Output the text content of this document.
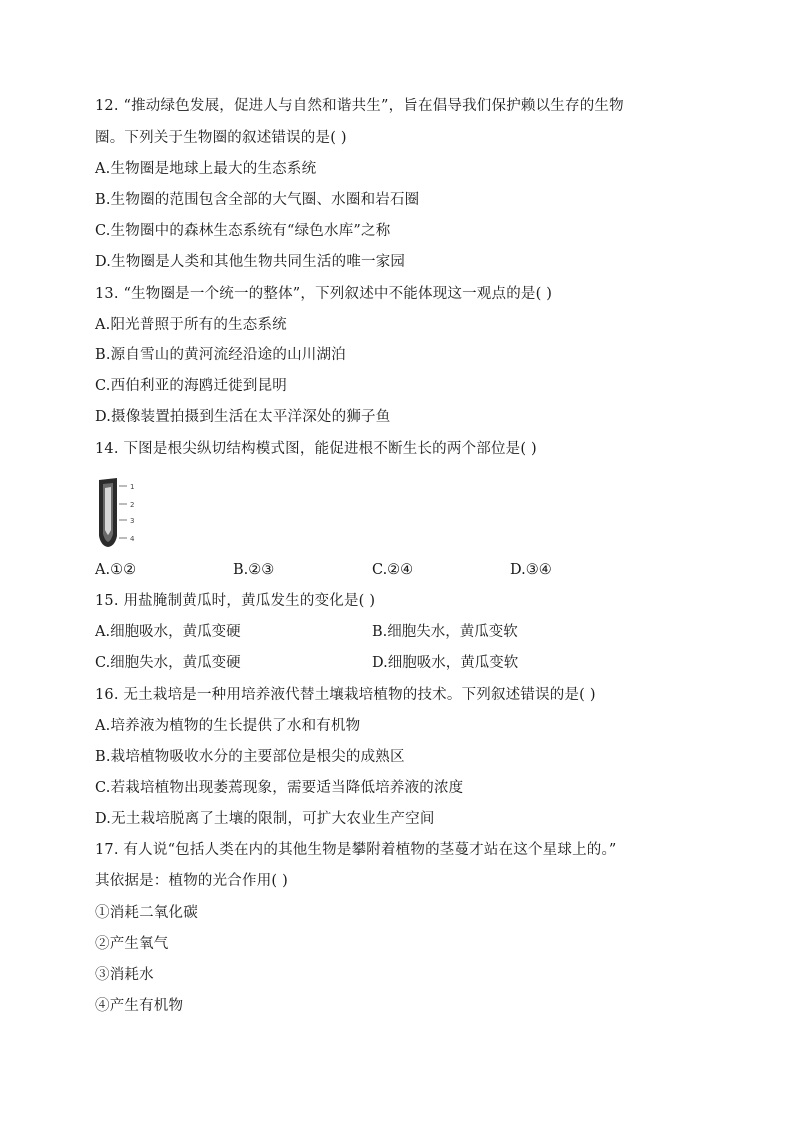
12. “推动绿色发展，促进人与自然和谐共生”，旨在倡导我们保护赖以生存的生物
圈。下列关于生物圈的叙述错误的是( )
A.生物圈是地球上最大的生态系统
B.生物圈的范围包含全部的大气圈、水圈和岩石圈
C.生物圈中的森林生态系统有“绿色水库”之称
D.生物圈是人类和其他生物共同生活的唯一家园
13. “生物圈是一个统一的整体”，下列叙述中不能体现这一观点的是( )
A.阳光普照于所有的生态系统
B.源自雪山的黄河流经沿途的山川湖泊
C.西伯利亚的海鸥迁徙到昆明
D.摄像装置拍摄到生活在太平洋深处的狮子鱼
14. 下图是根尖纵切结构模式图，能促进根不断生长的两个部位是( )
1
2
3
4
A.①②	B.②③	C.②④	D.③④
15. 用盐腌制黄瓜时，黄瓜发生的变化是( )
A.细胞吸水，黄瓜变硬	B.细胞失水，黄瓜变软
C.细胞失水，黄瓜变硬	D.细胞吸水，黄瓜变软
16. 无土栽培是一种用培养液代替土壤栽培植物的技术。下列叙述错误的是( )
A.培养液为植物的生长提供了水和有机物
B.栽培植物吸收水分的主要部位是根尖的成熟区
C.若栽培植物出现萎蔫现象，需要适当降低培养液的浓度
D.无土栽培脱离了土壤的限制，可扩大农业生产空间
17. 有人说“包括人类在内的其他生物是攀附着植物的茎蔓才站在这个星球上的。”
其依据是：植物的光合作用( )
①消耗二氧化碳
②产生氧气
③消耗水
④产生有机物
